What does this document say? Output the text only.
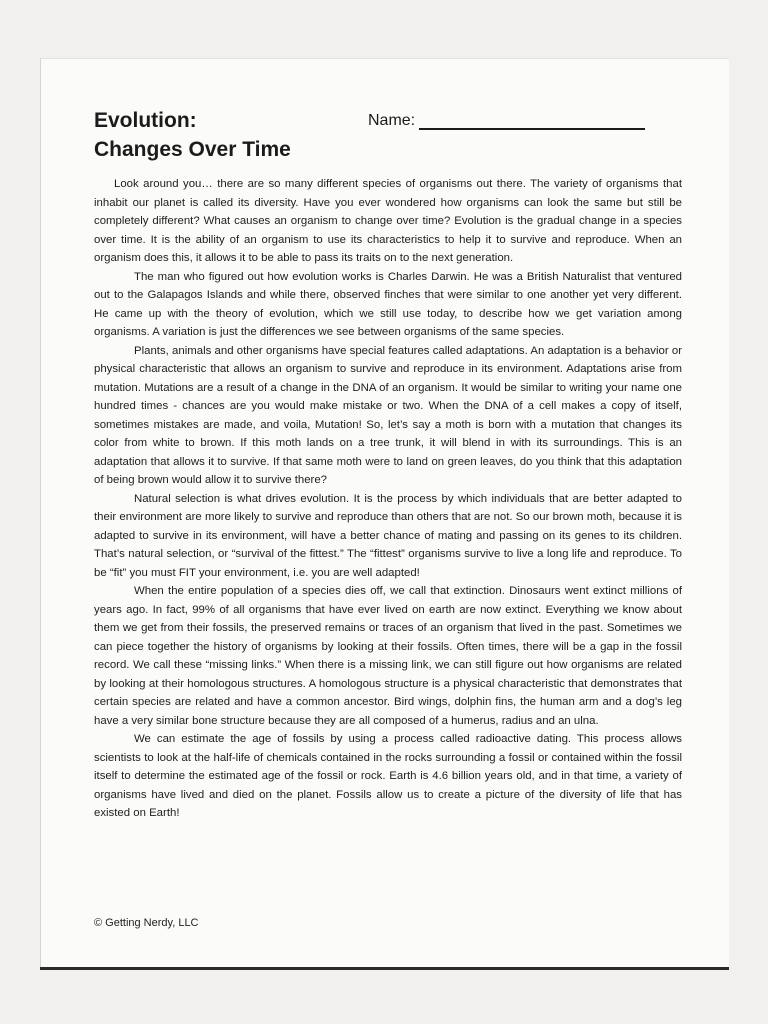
Evolution:
Changes Over Time
Name:

Look around you… there are so many different species of organisms out there. The variety of organisms that inhabit our planet is called its diversity. Have you ever wondered how organisms can look the same but still be completely different? What causes an organism to change over time? Evolution is the gradual change in a species over time. It is the ability of an organism to use its characteristics to help it to survive and reproduce. When an organism does this, it allows it to be able to pass its traits on to the next generation.

The man who figured out how evolution works is Charles Darwin. He was a British Naturalist that ventured out to the Galapagos Islands and while there, observed finches that were similar to one another yet very different. He came up with the theory of evolution, which we still use today, to describe how we get variation among organisms. A variation is just the differences we see between organisms of the same species.

Plants, animals and other organisms have special features called adaptations. An adaptation is a behavior or physical characteristic that allows an organism to survive and reproduce in its environment. Adaptations arise from mutation. Mutations are a result of a change in the DNA of an organism. It would be similar to writing your name one hundred times - chances are you would make mistake or two. When the DNA of a cell makes a copy of itself, sometimes mistakes are made, and voila, Mutation! So, let’s say a moth is born with a mutation that changes its color from white to brown. If this moth lands on a tree trunk, it will blend in with its surroundings. This is an adaptation that allows it to survive. If that same moth were to land on green leaves, do you think that this adaptation of being brown would allow it to survive there?

Natural selection is what drives evolution. It is the process by which individuals that are better adapted to their environment are more likely to survive and reproduce than others that are not. So our brown moth, because it is adapted to survive in its environment, will have a better chance of mating and passing on its genes to its children. That’s natural selection, or “survival of the fittest.” The “fittest” organisms survive to live a long life and reproduce. To be “fit” you must FIT your environment, i.e. you are well adapted!

When the entire population of a species dies off, we call that extinction. Dinosaurs went extinct millions of years ago. In fact, 99% of all organisms that have ever lived on earth are now extinct. Everything we know about them we get from their fossils, the preserved remains or traces of an organism that lived in the past. Sometimes we can piece together the history of organisms by looking at their fossils. Often times, there will be a gap in the fossil record. We call these “missing links.” When there is a missing link, we can still figure out how organisms are related by looking at their homologous structures. A homologous structure is a physical characteristic that demonstrates that certain species are related and have a common ancestor. Bird wings, dolphin fins, the human arm and a dog’s leg have a very similar bone structure because they are all composed of a humerus, radius and an ulna.

We can estimate the age of fossils by using a process called radioactive dating. This process allows scientists to look at the half-life of chemicals contained in the rocks surrounding a fossil or contained within the fossil itself to determine the estimated age of the fossil or rock. Earth is 4.6 billion years old, and in that time, a variety of organisms have lived and died on the planet. Fossils allow us to create a picture of the diversity of life that has existed on Earth!

© Getting Nerdy, LLC
